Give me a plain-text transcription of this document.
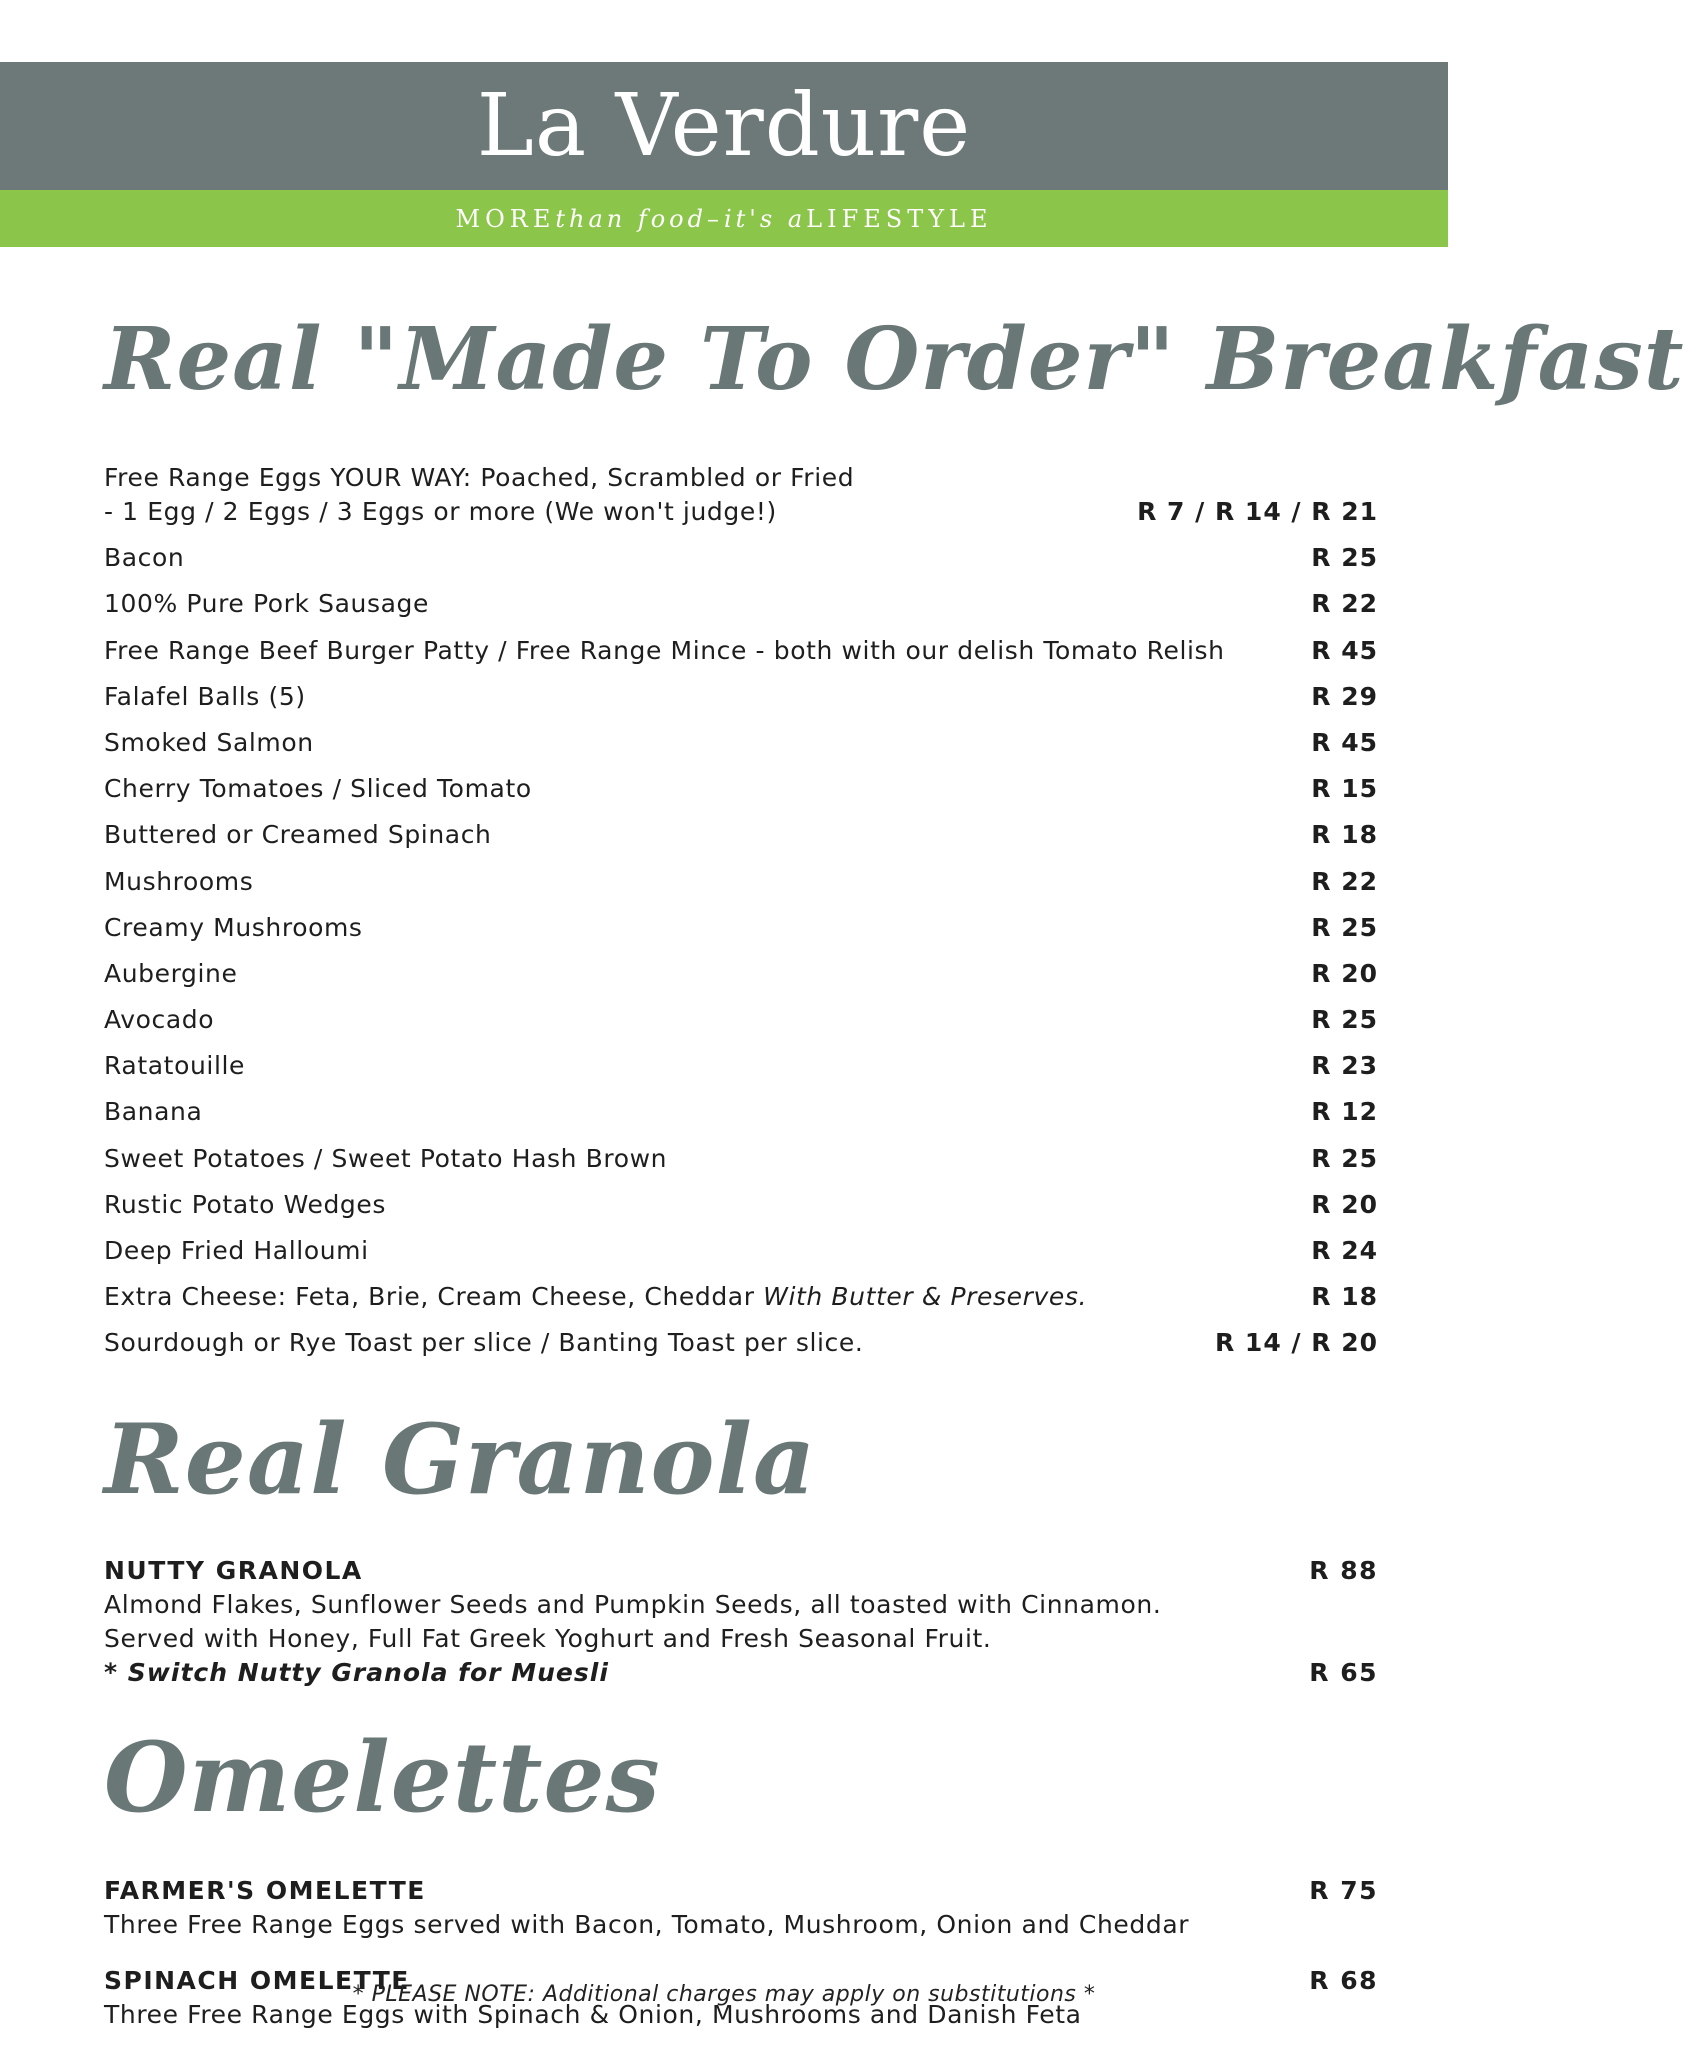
La Verdure
MORE than food – it's a LIFESTYLE
Real "Made To Order" Breakfast
Free Range Eggs YOUR WAY: Poached, Scrambled or Fried
- 1 Egg / 2 Eggs / 3 Eggs or more (We won't judge!)	R 7 / R 14 / R 21
Bacon	R 25
100% Pure Pork Sausage	R 22
Free Range Beef Burger Patty / Free Range Mince - both with our delish Tomato Relish	R 45
Falafel Balls (5)	R 29
Smoked Salmon	R 45
Cherry Tomatoes / Sliced Tomato	R 15
Buttered or Creamed Spinach	R 18
Mushrooms	R 22
Creamy Mushrooms	R 25
Aubergine	R 20
Avocado	R 25
Ratatouille	R 23
Banana	R 12
Sweet Potatoes / Sweet Potato Hash Brown	R 25
Rustic Potato Wedges	R 20
Deep Fried Halloumi	R 24
Extra Cheese: Feta, Brie, Cream Cheese, Cheddar With Butter & Preserves.	R 18
Sourdough or Rye Toast per slice / Banting Toast per slice.	R 14 / R 20
Real Granola
NUTTY GRANOLA	R 88
Almond Flakes, Sunflower Seeds and Pumpkin Seeds, all toasted with Cinnamon.
Served with Honey, Full Fat Greek Yoghurt and Fresh Seasonal Fruit.
* Switch Nutty Granola for Muesli	R 65
Omelettes
FARMER'S OMELETTE	R 75
Three Free Range Eggs served with Bacon, Tomato, Mushroom, Onion and Cheddar
SPINACH OMELETTE	R 68
Three Free Range Eggs with Spinach & Onion, Mushrooms and Danish Feta
* PLEASE NOTE: Additional charges may apply on substitutions *
